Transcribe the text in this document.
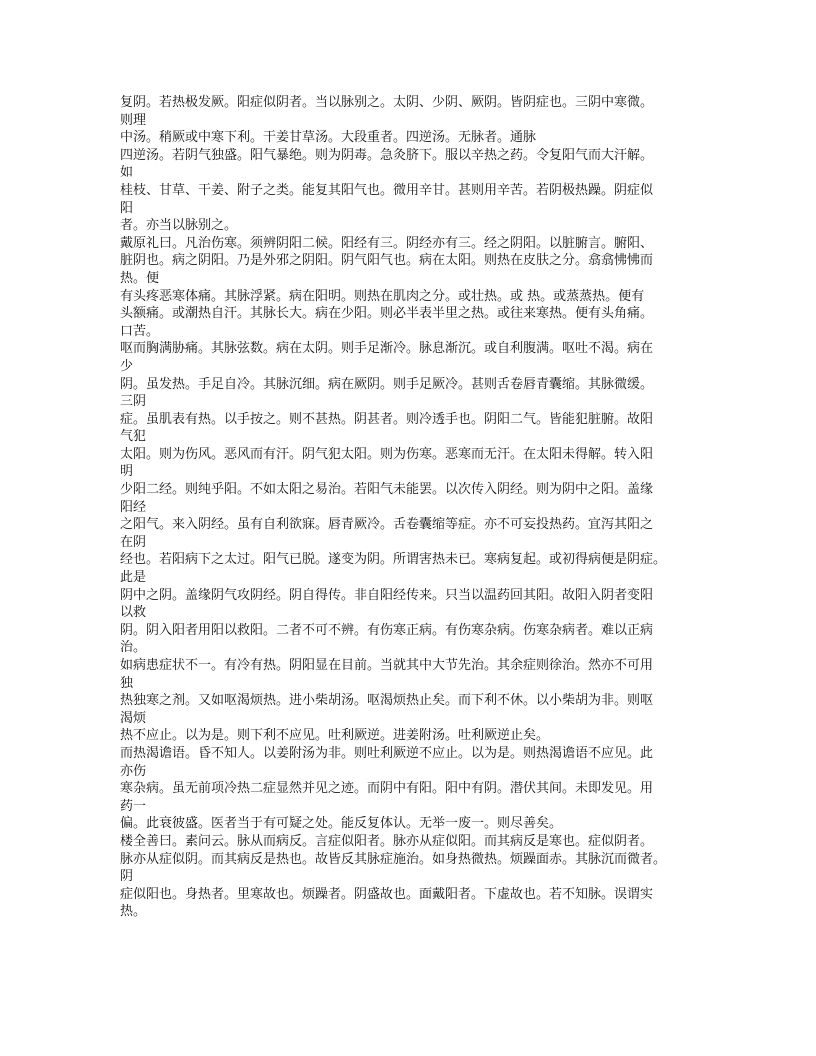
复阴。若热极发厥。阳症似阴者。当以脉别之。太阴、少阴、厥阴。皆阴症也。三阴中寒微。
则理
中汤。稍厥或中寒下利。干姜甘草汤。大段重者。四逆汤。无脉者。通脉
四逆汤。若阴气独盛。阳气暴绝。则为阴毒。急灸脐下。服以辛热之药。令复阳气而大汗解。
如
桂枝、甘草、干姜、附子之类。能复其阳气也。微用辛甘。甚则用辛苦。若阴极热躁。阴症似
阳
者。亦当以脉别之。
戴原礼曰。凡治伤寒。须辨阴阳二候。阳经有三。阴经亦有三。经之阴阳。以脏腑言。腑阳、
脏阴也。病之阴阳。乃是外邪之阴阳。阴气阳气也。病在太阳。则热在皮肤之分。翕翕怫怫而
热。便
有头疼恶寒体痛。其脉浮紧。病在阳明。则热在肌肉之分。或壮热。或 热。或蒸蒸热。便有
头额痛。或潮热自汗。其脉长大。病在少阳。则必半表半里之热。或往来寒热。便有头角痛。
口苦。
呕而胸满胁痛。其脉弦数。病在太阴。则手足渐冷。脉息渐沉。或自利腹满。呕吐不渴。病在
少
阴。虽发热。手足自冷。其脉沉细。病在厥阴。则手足厥冷。甚则舌卷唇青囊缩。其脉微缓。
三阴
症。虽肌表有热。以手按之。则不甚热。阴甚者。则冷透手也。阴阳二气。皆能犯脏腑。故阳
气犯
太阳。则为伤风。恶风而有汗。阴气犯太阳。则为伤寒。恶寒而无汗。在太阳未得解。转入阳
明
少阳二经。则纯乎阳。不如太阳之易治。若阳气未能罢。以次传入阴经。则为阴中之阳。盖缘
阳经
之阳气。来入阴经。虽有自利欲寐。唇青厥冷。舌卷囊缩等症。亦不可妄投热药。宜泻其阳之
在阴
经也。若阳病下之太过。阳气已脱。遂变为阴。所谓害热未已。寒病复起。或初得病便是阴症。
此是
阴中之阴。盖缘阴气攻阴经。阴自得传。非自阳经传来。只当以温药回其阳。故阳入阴者变阳
以救
阴。阴入阳者用阳以救阳。二者不可不辨。有伤寒正病。有伤寒杂病。伤寒杂病者。难以正病
治。
如病患症状不一。有冷有热。阴阳显在目前。当就其中大节先治。其余症则徐治。然亦不可用
独
热独寒之剂。又如呕渴烦热。进小柴胡汤。呕渴烦热止矣。而下利不休。以小柴胡为非。则呕
渴烦
热不应止。以为是。则下利不应见。吐利厥逆。进姜附汤。吐利厥逆止矣。
而热渴谵语。昏不知人。以姜附汤为非。则吐利厥逆不应止。以为是。则热渴谵语不应见。此
亦伤
寒杂病。虽无前项冷热二症显然并见之迹。而阴中有阳。阳中有阴。潜伏其间。未即发见。用
药一
偏。此衰彼盛。医者当于有可疑之处。能反复体认。无举一废一。则尽善矣。
楼全善曰。素问云。脉从而病反。言症似阳者。脉亦从症似阳。而其病反是寒也。症似阴者。
脉亦从症似阴。而其病反是热也。故皆反其脉症施治。如身热微热。烦躁面赤。其脉沉而微者。
阴
症似阳也。身热者。里寒故也。烦躁者。阴盛故也。面戴阳者。下虚故也。若不知脉。误谓实
热。
